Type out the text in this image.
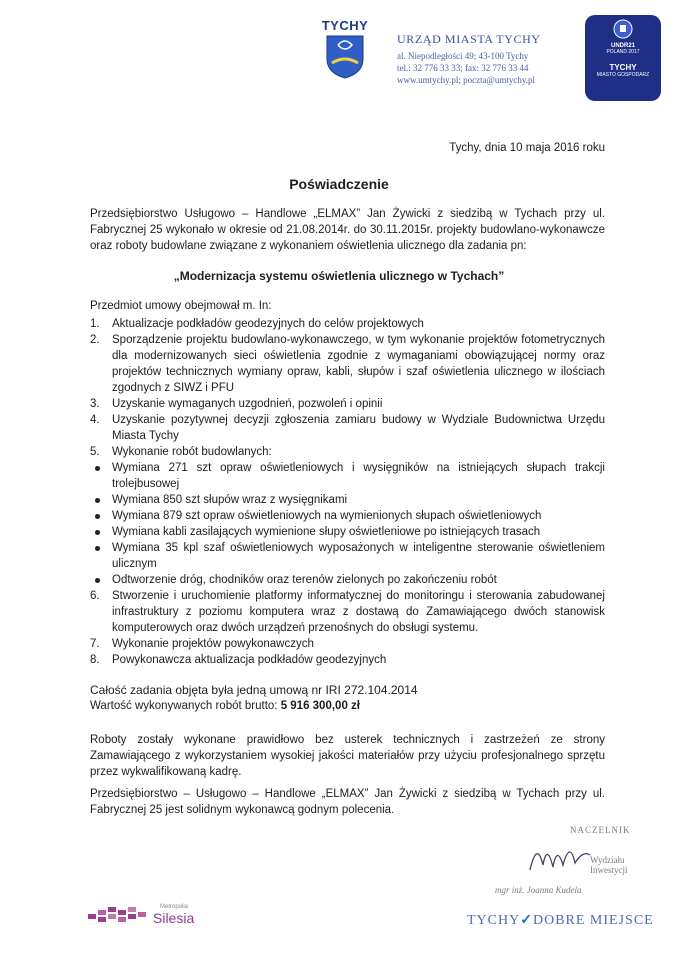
TYCHY
URZĄD MIASTA TYCHY
al. Niepodległości 49; 43-100 Tychy
tel.: 32 776 33 33; fax: 32 776 33 44
www.umtychy.pl; poczta@umtychy.pl
UNDR21
POLAND 2017
TYCHY
MIASTO GOSPODARZ
Tychy, dnia 10 maja 2016 roku
Poświadczenie
Przedsiębiorstwo Usługowo – Handlowe „ELMAX” Jan Żywicki z siedzibą w Tychach przy ul. Fabrycznej 25 wykonało w okresie od 21.08.2014r. do 30.11.2015r. projekty budowlano-wykonawcze oraz roboty budowlane związane z wykonaniem oświetlenia ulicznego dla zadania pn:
„Modernizacja systemu oświetlenia ulicznego w Tychach”
Przedmiot umowy obejmował m. In:
1. Aktualizacje podkładów geodezyjnych do celów projektowych
2. Sporządzenie projektu budowlano-wykonawczego, w tym wykonanie projektów fotometrycznych dla modernizowanych sieci oświetlenia zgodnie z wymaganiami obowiązującej normy oraz projektów technicznych wymiany opraw, kabli, słupów i szaf oświetlenia ulicznego w ilościach zgodnych z SIWZ i PFU
3. Uzyskanie wymaganych uzgodnień, pozwoleń i opinii
4. Uzyskanie pozytywnej decyzji zgłoszenia zamiaru budowy w Wydziale Budownictwa Urzędu Miasta Tychy
5. Wykonanie robót budowlanych:
Wymiana 271 szt opraw oświetleniowych i wysięgników na istniejących słupach trakcji trolejbusowej
Wymiana 850 szt słupów wraz z wysięgnikami
Wymiana 879 szt opraw oświetleniowych na wymienionych słupach oświetleniowych
Wymiana kabli zasilających wymienione słupy oświetleniowe po istniejących trasach
Wymiana 35 kpl szaf oświetleniowych wyposażonych w inteligentne sterowanie oświetleniem ulicznym
Odtworzenie dróg, chodników oraz terenów zielonych po zakończeniu robót
6. Stworzenie i uruchomienie platformy informatycznej do monitoringu i sterowania zabudowanej infrastruktury z poziomu komputera wraz z dostawą do Zamawiającego dwóch stanowisk komputerowych oraz dwóch urządzeń przenośnych do obsługi systemu.
7. Wykonanie projektów powykonawczych
8. Powykonawcza aktualizacja podkładów geodezyjnych
Całość zadania objęta była jedną umową nr IRI 272.104.2014
Wartość wykonywanych robót brutto: 5 916 300,00 zł
Roboty zostały wykonane prawidłowo bez usterek technicznych i zastrzeżeń ze strony Zamawiającego z wykorzystaniem wysokiej jakości materiałów przy użyciu profesjonalnego sprzętu przez wykwalifikowaną kadrę.
Przedsiębiorstwo – Usługowo – Handlowe „ELMAX” Jan Żywicki z siedzibą w Tychach przy ul. Fabrycznej 25 jest solidnym wykonawcą godnym polecenia.
NACZELNIK
Wydziału Inwestycji
mgr inż. Joanna Kudela
Metropolia
Silesia	TYCHY✓DOBRE MIEJSCE
